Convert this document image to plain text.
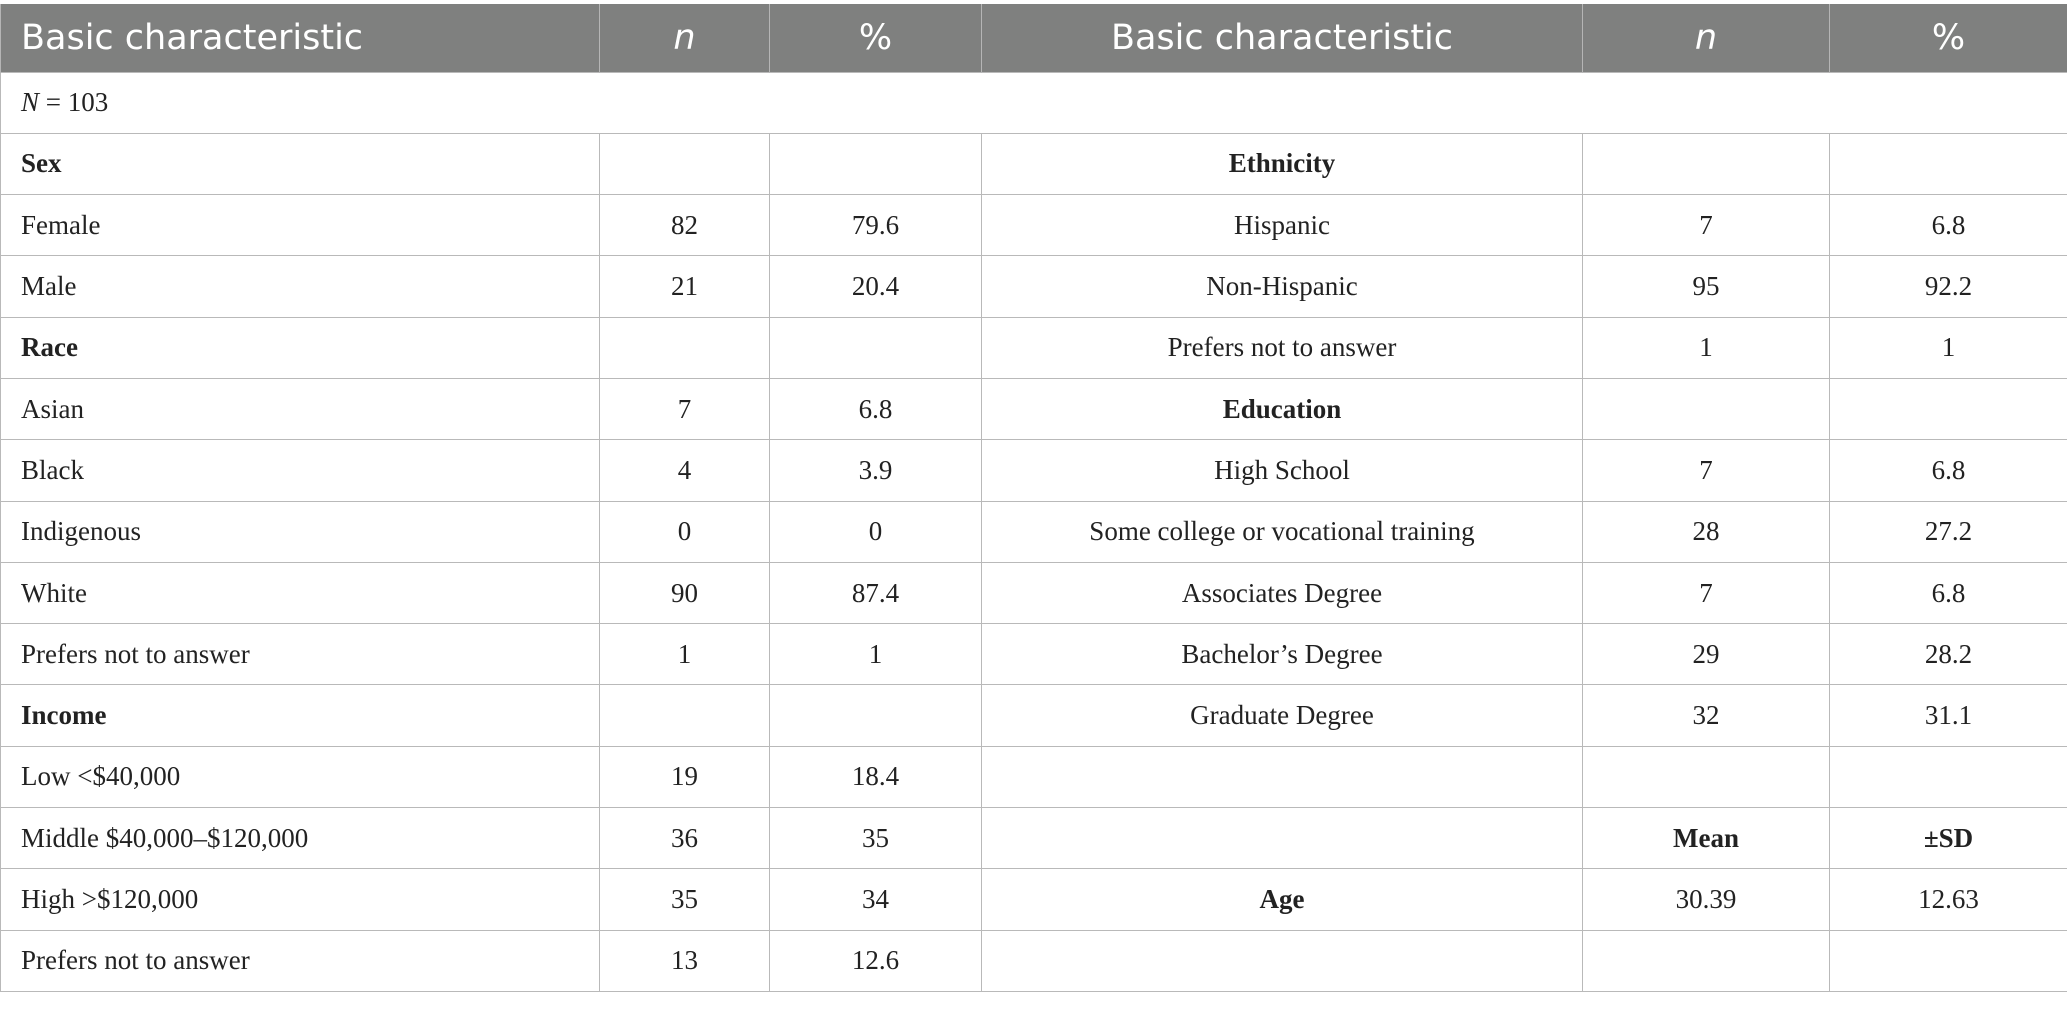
Basic characteristic	n	%	Basic characteristic	n	%
N = 103					
Sex			Ethnicity		
Female	82	79.6	Hispanic	7	6.8
Male	21	20.4	Non-Hispanic	95	92.2
Race			Prefers not to answer	1	1
Asian	7	6.8	Education		
Black	4	3.9	High School	7	6.8
Indigenous	0	0	Some college or vocational training	28	27.2
White	90	87.4	Associates Degree	7	6.8
Prefers not to answer	1	1	Bachelor’s Degree	29	28.2
Income			Graduate Degree	32	31.1
Low <$40,000	19	18.4			
Middle $40,000–$120,000	36	35		Mean	±SD
High >$120,000	35	34	Age	30.39	12.63
Prefers not to answer	13	12.6			
